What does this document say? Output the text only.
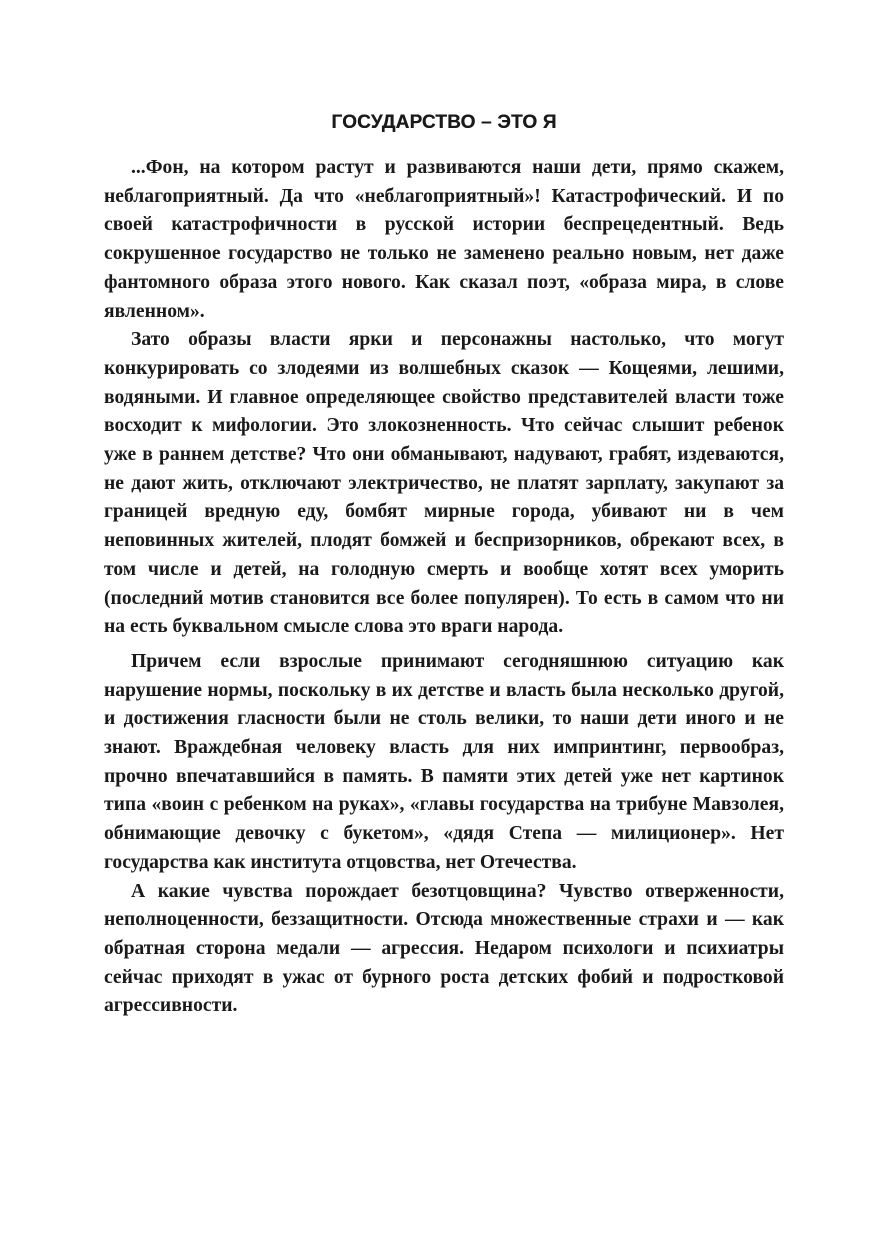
ГОСУДАРСТВО – ЭТО Я

...Фон, на котором растут и развиваются наши дети, прямо скажем, неблагоприятный. Да что «неблагоприятный»! Катастрофический. И по своей катастрофичности в русской истории беспрецедентный. Ведь сокрушенное государство не только не заменено реально новым, нет даже фантомного образа этого нового. Как сказал поэт, «образа мира, в слове явленном».

Зато образы власти ярки и персонажны настолько, что могут конкурировать со злодеями из волшебных сказок — Кощеями, лешими, водяными. И главное определяющее свойство представителей власти тоже восходит к мифологии. Это злокозненность. Что сейчас слышит ребенок уже в раннем детстве? Что они обманывают, надувают, грабят, издеваются, не дают жить, отключают электричество, не платят зарплату, закупают за границей вредную еду, бомбят мирные города, убивают ни в чем неповинных жителей, плодят бомжей и беспризорников, обрекают всех, в том числе и детей, на голодную смерть и вообще хотят всех уморить (последний мотив становится все более популярен). То есть в самом что ни на есть буквальном смысле слова это враги народа.

Причем если взрослые принимают сегодняшнюю ситуацию как нарушение нормы, поскольку в их детстве и власть была несколько другой, и достижения гласности были не столь велики, то наши дети иного и не знают. Враждебная человеку власть для них импринтинг, первообраз, прочно впечатавшийся в память. В памяти этих детей уже нет картинок типа «воин с ребенком на руках», «главы государства на трибуне Мавзолея, обнимающие девочку с букетом», «дядя Степа — милиционер». Нет государства как института отцовства, нет Отечества.

А какие чувства порождает безотцовщина? Чувство отверженности, неполноценности, беззащитности. Отсюда множественные страхи и — как обратная сторона медали — агрессия. Недаром психологи и психиатры сейчас приходят в ужас от бурного роста детских фобий и подростковой агрессивности.
